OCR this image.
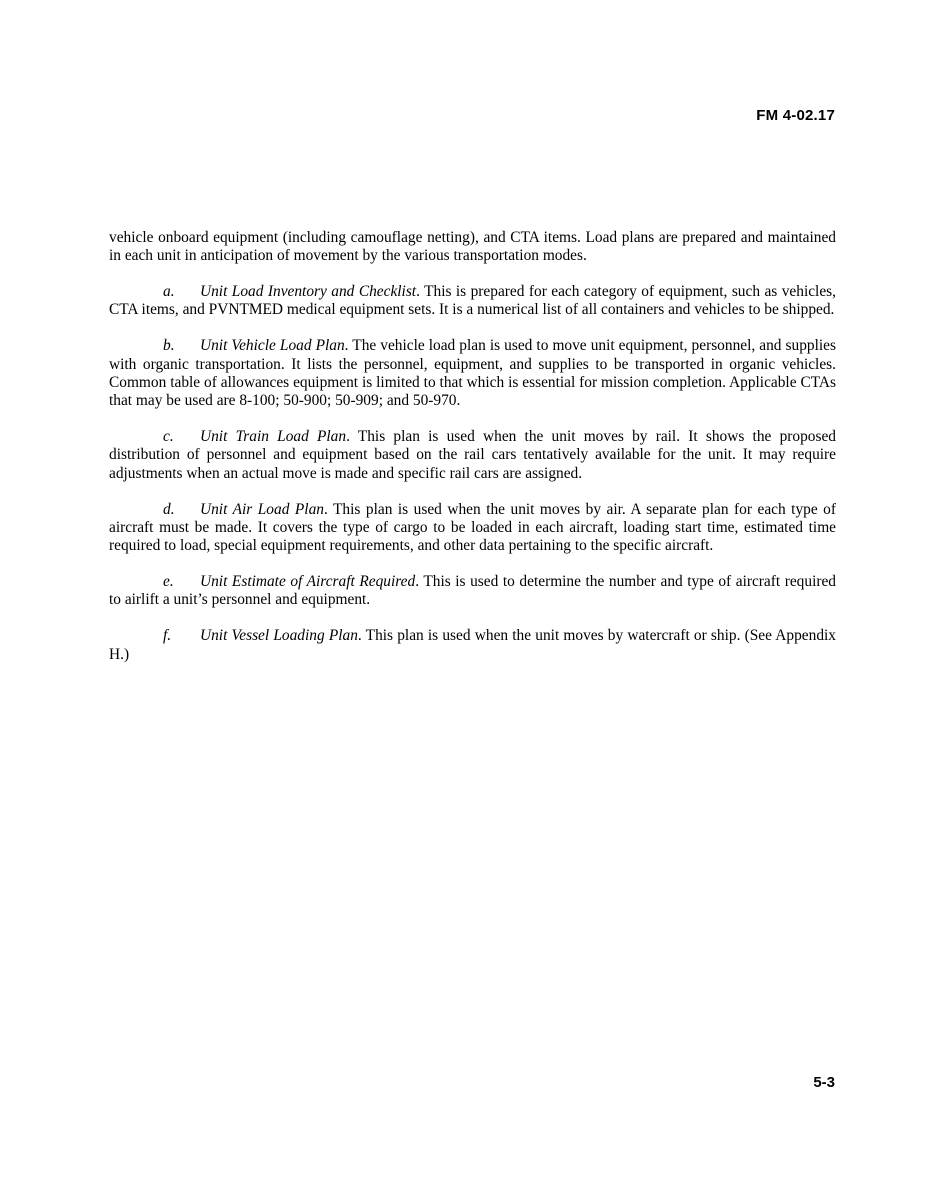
FM 4-02.17

vehicle onboard equipment (including camouflage netting), and CTA items. Load plans are prepared and maintained in each unit in anticipation of movement by the various transportation modes.

a. Unit Load Inventory and Checklist. This is prepared for each category of equipment, such as vehicles, CTA items, and PVNTMED medical equipment sets. It is a numerical list of all containers and vehicles to be shipped.

b. Unit Vehicle Load Plan. The vehicle load plan is used to move unit equipment, personnel, and supplies with organic transportation. It lists the personnel, equipment, and supplies to be transported in organic vehicles. Common table of allowances equipment is limited to that which is essential for mission completion. Applicable CTAs that may be used are 8-100; 50-900; 50-909; and 50-970.

c. Unit Train Load Plan. This plan is used when the unit moves by rail. It shows the proposed distribution of personnel and equipment based on the rail cars tentatively available for the unit. It may require adjustments when an actual move is made and specific rail cars are assigned.

d. Unit Air Load Plan. This plan is used when the unit moves by air. A separate plan for each type of aircraft must be made. It covers the type of cargo to be loaded in each aircraft, loading start time, estimated time required to load, special equipment requirements, and other data pertaining to the specific aircraft.

e. Unit Estimate of Aircraft Required. This is used to determine the number and type of aircraft required to airlift a unit’s personnel and equipment.

f. Unit Vessel Loading Plan. This plan is used when the unit moves by watercraft or ship. (See Appendix H.)

5-3
